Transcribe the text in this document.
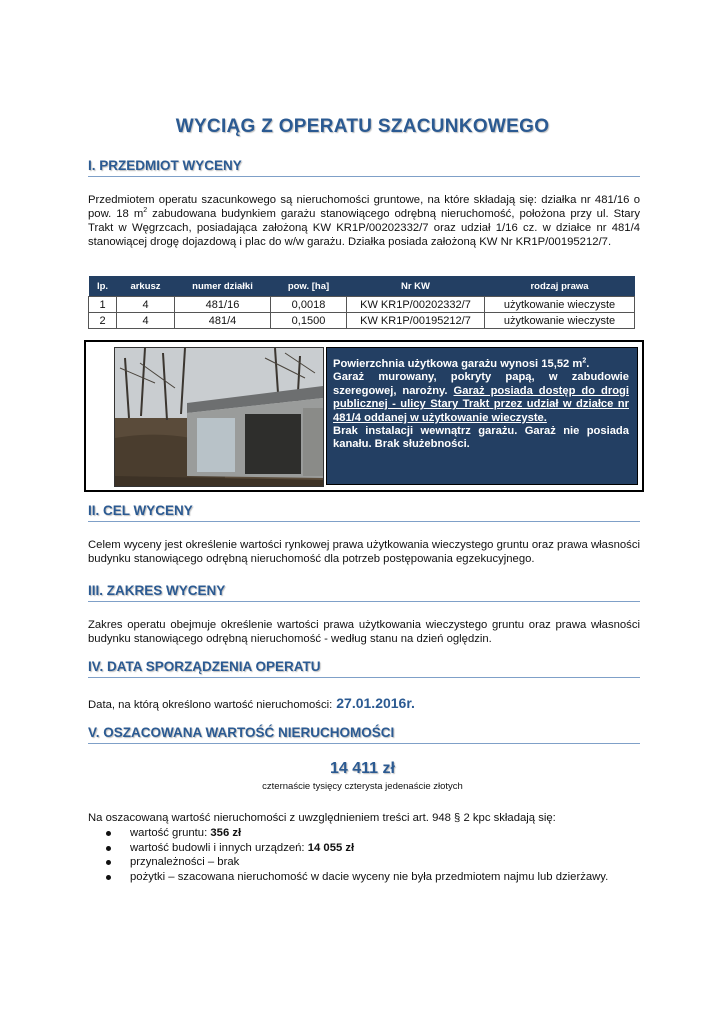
WYCIĄG Z OPERATU SZACUNKOWEGO
I. PRZEDMIOT WYCENY
Przedmiotem operatu szacunkowego są nieruchomości gruntowe, na które składają się: działka nr 481/16 o pow. 18 $m^2$ zabudowana budynkiem garażu stanowiącego odrębną nieruchomość, położona przy ul. Stary Trakt w Węgrzcach, posiadająca założoną KW KR1P/00202332/7 oraz udział 1/16 cz. w działce nr 481/4 stanowiącej drogę dojazdową i plac do w/w garażu. Działka posiada założoną KW Nr KR1P/00195212/7.
lp.	arkusz	numer działki	pow. [ha]	Nr KW	rodzaj prawa
1	4	481/16	0,0018	KW KR1P/00202332/7	użytkowanie wieczyste
2	4	481/4	0,1500	KW KR1P/00195212/7	użytkowanie wieczyste
Powierzchnia użytkowa garażu wynosi 15,52 $m^2$.
Garaż murowany, pokryty papą, w zabudowie szeregowej, narożny. Garaż posiada dostęp do drogi publicznej - ulicy Stary Trakt przez udział w działce nr 481/4 oddanej w użytkowanie wieczyste.
Brak instalacji wewnątrz garażu. Garaż nie posiada kanału. Brak służebności.
II. CEL WYCENY
Celem wyceny jest określenie wartości rynkowej prawa użytkowania wieczystego gruntu oraz prawa własności budynku stanowiącego odrębną nieruchomość dla potrzeb postępowania egzekucyjnego.
III. ZAKRES WYCENY
Zakres operatu obejmuje określenie wartości prawa użytkowania wieczystego gruntu oraz prawa własności budynku stanowiącego odrębną nieruchomość - według stanu na dzień oględzin.
IV. DATA SPORZĄDZENIA OPERATU
Data, na którą określono wartość nieruchomości: 27.01.2016r.
V. OSZACOWANA WARTOŚĆ NIERUCHOMOŚCI
14 411 zł
czternaście tysięcy czterysta jedenaście złotych
Na oszacowaną wartość nieruchomości z uwzględnieniem treści art. 948 § 2 kpc składają się:
wartość gruntu: 356 zł
wartość budowli i innych urządzeń: 14 055 zł
przynależności – brak
pożytki – szacowana nieruchomość w dacie wyceny nie była przedmiotem najmu lub dzierżawy.
